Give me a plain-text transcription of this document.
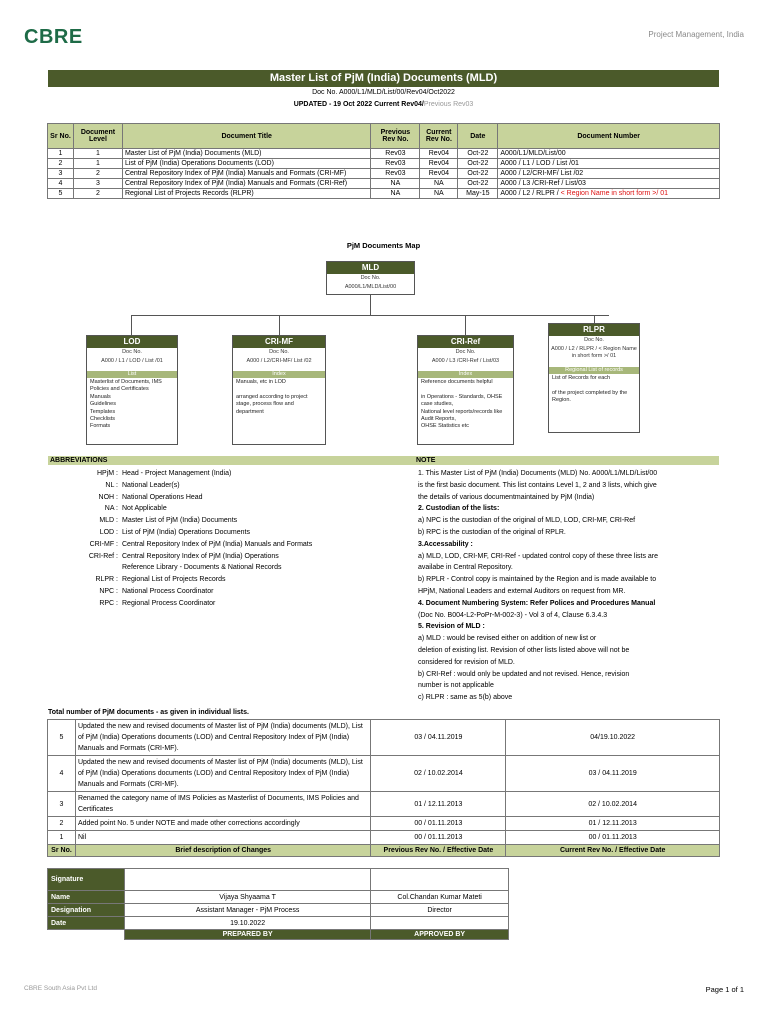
CBRE	Project Management, India
Master List of PjM (India) Documents (MLD)
Doc No. A000/L1/MLD/List/00/Rev04/Oct2022
UPDATED - 19 Oct 2022 Current Rev04/Previous Rev03
Sr No.	Document Level	Document Title	Previous Rev No.	Current Rev No.	Date	Document Number
1	1	Master List of PjM (India) Documents (MLD)	Rev03	Rev04	Oct-22	A000/L1/MLD/List/00
2	1	List of PjM (India) Operations Documents (LOD)	Rev03	Rev04	Oct-22	A000 / L1 / LOD / List /01
3	2	Central Repository Index of PjM (India) Manuals and Formats (CRI-MF)	Rev03	Rev04	Oct-22	A000 / L2/CRI-MF/ List /02
4	3	Central Repository Index of PjM (India) Manuals and Formats (CRI-Ref)	NA	NA	Oct-22	A000 / L3 /CRI-Ref / List/03
5	2	Regional List of Projects Records (RLPR)	NA	NA	May-15	A000 / L2 / RLPR / < Region Name in short form >/ 01
PjM Documents Map
MLD
Doc No.
A000/L1/MLD/List/00
LOD
Doc No.
A000 / L1 / LOD / List /01
List
Masterlist of Documents, IMS Policies and Certificates
Manuals
Guidelines
Templates
Checklists
Formats
CRI-MF
Doc No.
A000 / L2/CRI-MF/ List /02
Index
Manuals, etc in LOD

arranged according to project stage, process flow and department
CRI-Ref
Doc No.
A000 / L3 /CRI-Ref / List/03
Index
Reference documents helpful

in Operations - Standards, OHSE case studies,
National level reports/records like Audit Reports,
OHSE Statistics etc
RLPR
Doc No.
A000 / L2 / RLPR / < Region Name in short form >/ 01
Regional List of records
List of Records for each

of the project completed by the Region.
ABBREVIATIONS	NOTE
HPjM : Head - Project Management (India)
NL : National Leader(s)
NOH : National Operations Head
NA : Not Applicable
MLD : Master List of PjM (India) Documents
LOD : List of PjM (India) Operations Documents
CRI-MF : Central Repository Index of PjM (India) Manuals and Formats
CRI-Ref : Central Repository Index of PjM (India) Operations
Reference Library - Documents & National Records
RLPR : Regional List of Projects Records
NPC : National Process Coordinator
RPC : Regional Process Coordinator
1. This Master List of PjM (India) Documents (MLD) No. A000/L1/MLD/List/00
is the first basic document. This list contains Level 1, 2 and 3 lists, which give
the details of various documentmaintained by PjM (India)
2. Custodian of the lists:
a) NPC is the custodian of the original of MLD, LOD, CRI-MF, CRI-Ref
b) RPC is the custodian of the original of RPLR.
3.Accessability :
a) MLD, LOD, CRI-MF, CRI-Ref - updated control copy of these three lists are
availabe in Central Repository.
b) RPLR - Control copy is maintained by the Region and is made available to
HPjM, National Leaders and external Auditors on request from MR.
4. Document Numbering System: Refer Polices and Procedures Manual
(Doc No. B004-L2-PoPr-M-002-3) - Vol 3 of 4, Clause 6.3.4.3
5. Revision of MLD :
a) MLD : would be revised either on addition of new list or
deletion of existing list. Revision of other lists listed above will not be
considered for revision of MLD.
b) CRI-Ref : would only be updated and not revised. Hence, revision
number is not applicable
c) RLPR : same as 5(b) above
Total number of PjM documents - as given in individual lists.
5	Updated the new and revised documents of Master list of PjM (India) documents (MLD), List of PjM (India) Operations documents (LOD) and Central Repository Index of PjM (India) Manuals and Formats (CRI-MF).	03 / 04.11.2019	04/19.10.2022
4	Updated the new and revised documents of Master list of PjM (India) documents (MLD), List of PjM (India) Operations documents (LOD) and Central Repository Index of PjM (India) Manuals and Formats (CRI-MF).	02 / 10.02.2014	03 / 04.11.2019
3	Renamed the category name of IMS Policies as Masterlist of Documents, IMS Policies and Certificates	01 / 12.11.2013	02 / 10.02.2014
2	Added point No. 5 under NOTE and made other corrections accordingly	00 / 01.11.2013	01 / 12.11.2013
1	Nil	00 / 01.11.2013	00 / 01.11.2013
Sr No.	Brief description of Changes	Previous Rev No. / Effective Date	Current Rev No. / Effective Date
Signature		
Name	Vijaya Shyaama T	Col.Chandan Kumar Mateti
Designation	Assistant Manager - PjM Process	Director
Date	19.10.2022	
	PREPARED BY	APPROVED BY
CBRE South Asia Pvt Ltd	Page 1 of 1
